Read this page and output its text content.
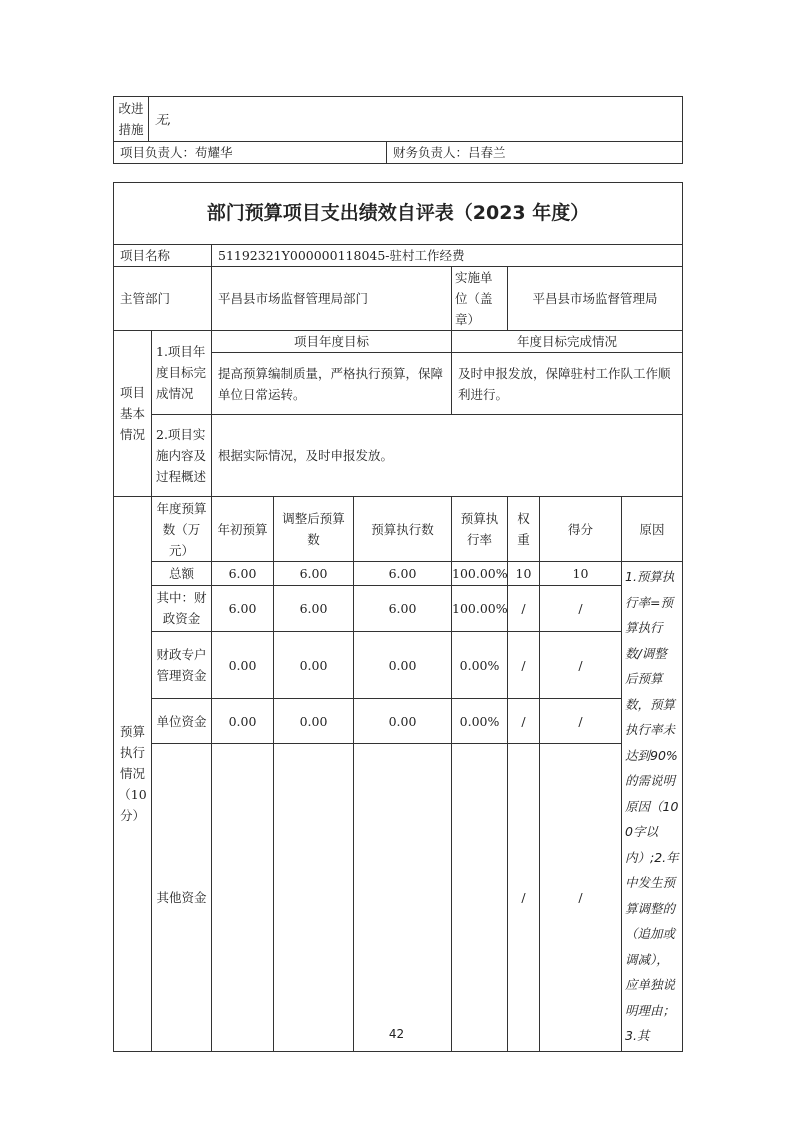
改进措施	无,	
项目负责人：苟耀华		财务负责人：吕春兰
部门预算项目支出绩效自评表（2023 年度）								
项目名称		51192321Y000000118045-驻村工作经费						
主管部门		平昌县市场监督管理局部门			实施单位（盖章）	平昌县市场监督管理局		
项目基本情况	1.项目年度目标完成情况	项目年度目标			年度目标完成情况			
		提高预算编制质量，严格执行预算，保障单位日常运转。			及时申报发放，保障驻村工作队工作顺利进行。			
	2.项目实施内容及过程概述	根据实际情况，及时申报发放。						
预算执行情况（10分）	年度预算数（万元）	年初预算	调整后预算数	预算执行数	预算执行率	权重	得分	原因
	总额	6.00	6.00	6.00	100.00%	10	10	1.预算执行率=预算执行数/调整后预算数，预算执行率未达到90%的需说明原因（100字以内）;2.年中发生预算调整的（追加或调减），应单独说明理由；3.其
	其中：财政资金	6.00	6.00	6.00	100.00%	/	/	
	财政专户管理资金	0.00	0.00	0.00	0.00%	/	/	
	单位资金	0.00	0.00	0.00	0.00%	/	/	
	其他资金					/	/	
42
